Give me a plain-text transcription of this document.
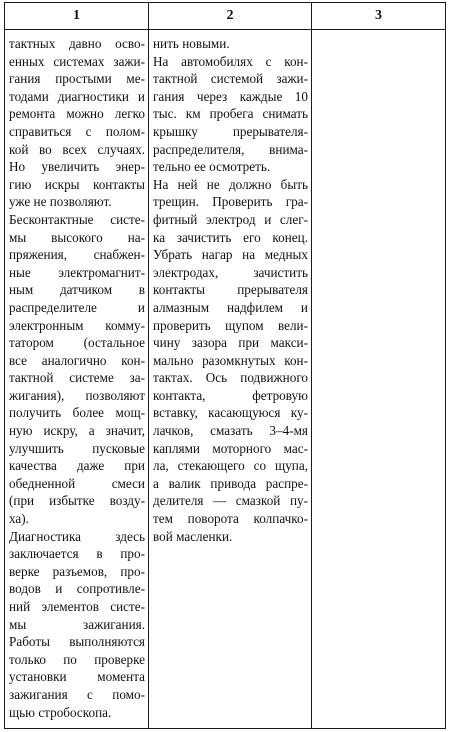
1	2	3
тактных давно осво-
енных системах зажи-
гания простыми ме-
тодами диагностики и
ремонта можно легко
справиться с полом-
кой во всех случаях.
Но увеличить энер-
гию искры контакты
уже не позволяют.
Бесконтактные систе-
мы высокого на-
пряжения, снабжен-
ные электромагнит-
ным датчиком в
распределителе и
электронным комму-
татором (остальное
все аналогично кон-
тактной системе за-
жигания), позволяют
получить более мощ-
ную искру, а значит,
улучшить пусковые
качества даже при
обедненной смеси
(при избытке возду-
ха).
Диагностика здесь
заключается в про-
верке разъемов, про-
водов и сопротивле-
ний элементов систе-
мы зажигания.
Работы выполняются
только по проверке
установки момента
зажигания с помо-
щью стробоскопа.
нить новыми.
На автомобилях с кон-
тактной системой зажи-
гания через каждые 10
тыс. км пробега снимать
крышку прерывателя-
распределителя, внима-
тельно ее осмотреть.
На ней не должно быть
трещин. Проверить гра-
фитный электрод и слег-
ка зачистить его конец.
Убрать нагар на медных
электродах, зачистить
контакты прерывателя
алмазным надфилем и
проверить щупом вели-
чину зазора при макси-
мально разомкнутых кон-
тактах. Ось подвижного
контакта, фетровую
вставку, касающуюся ку-
лачков, смазать 3–4-мя
каплями моторного мас-
ла, стекающего со щупа,
а валик привода распре-
делителя — смазкой пу-
тем поворота колпачко-
вой масленки.
